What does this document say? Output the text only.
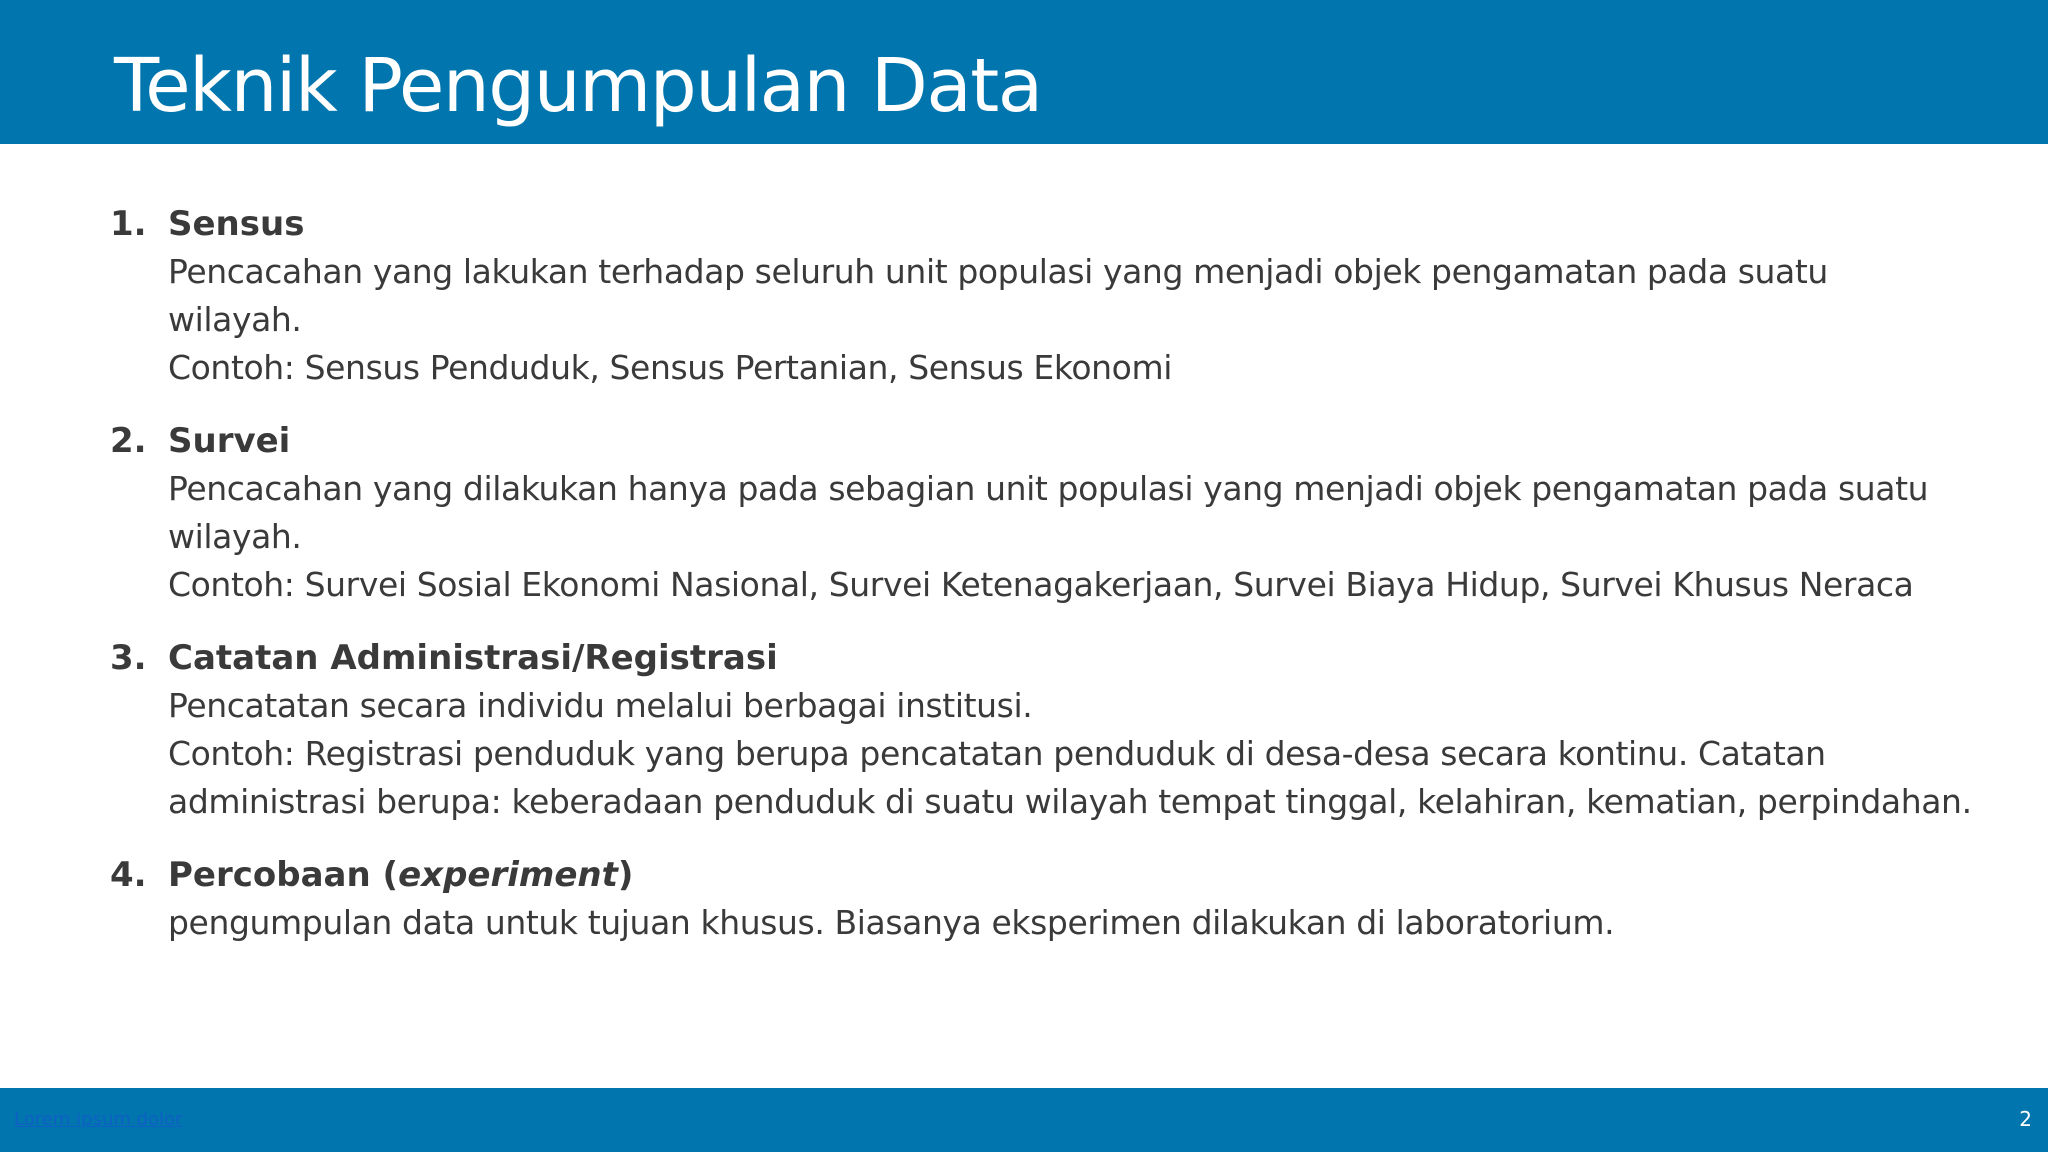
Teknik Pengumpulan Data
1. Sensus
Pencacahan yang lakukan terhadap seluruh unit populasi yang menjadi objek pengamatan pada suatu
wilayah.
Contoh: Sensus Penduduk, Sensus Pertanian, Sensus Ekonomi
2. Survei
Pencacahan yang dilakukan hanya pada sebagian unit populasi yang menjadi objek pengamatan pada suatu
wilayah.
Contoh: Survei Sosial Ekonomi Nasional, Survei Ketenagakerjaan, Survei Biaya Hidup, Survei Khusus Neraca
3. Catatan Administrasi/Registrasi
Pencatatan secara individu melalui berbagai institusi.
Contoh: Registrasi penduduk yang berupa pencatatan penduduk di desa-desa secara kontinu. Catatan
administrasi berupa: keberadaan penduduk di suatu wilayah tempat tinggal, kelahiran, kematian, perpindahan.
4. Percobaan (experiment)
pengumpulan data untuk tujuan khusus. Biasanya eksperimen dilakukan di laboratorium.
Lorem ipsum dolor	2
